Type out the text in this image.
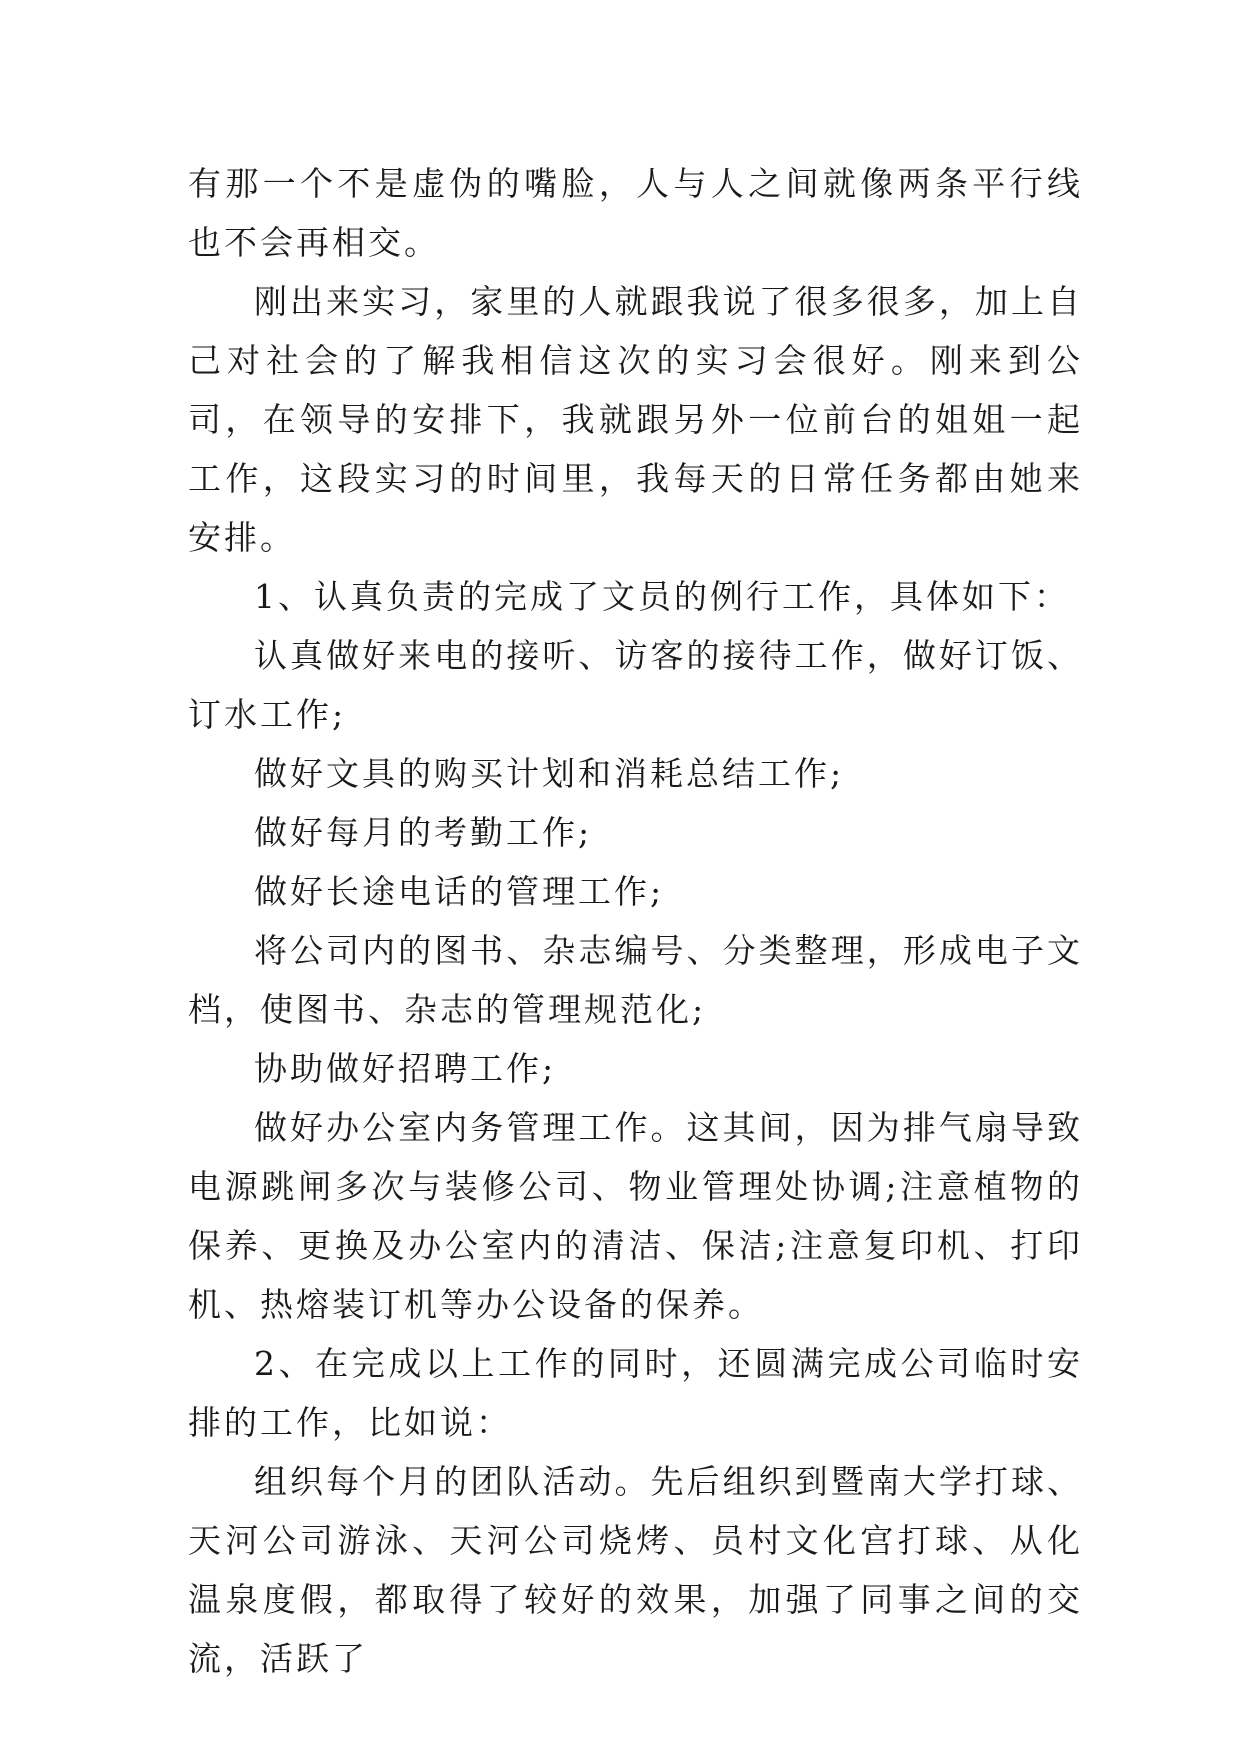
有那一个不是虚伪的嘴脸，人与人之间就像两条平行线也不会再相交。

刚出来实习，家里的人就跟我说了很多很多，加上自己对社会的了解我相信这次的实习会很好。刚来到公司，在领导的安排下，我就跟另外一位前台的姐姐一起工作，这段实习的时间里，我每天的日常任务都由她来安排。

1、认真负责的完成了文员的例行工作，具体如下：

认真做好来电的接听、访客的接待工作，做好订饭、订水工作;

做好文具的购买计划和消耗总结工作;

做好每月的考勤工作;

做好长途电话的管理工作;

将公司内的图书、杂志编号、分类整理，形成电子文档，使图书、杂志的管理规范化;

协助做好招聘工作;

做好办公室内务管理工作。这其间，因为排气扇导致电源跳闸多次与装修公司、物业管理处协调;注意植物的保养、更换及办公室内的清洁、保洁;注意复印机、打印机、热熔装订机等办公设备的保养。

2、在完成以上工作的同时，还圆满完成公司临时安排的工作，比如说：

组织每个月的团队活动。先后组织到暨南大学打球、天河公司游泳、天河公司烧烤、员村文化宫打球、从化温泉度假，都取得了较好的效果，加强了同事之间的交流，活跃了
